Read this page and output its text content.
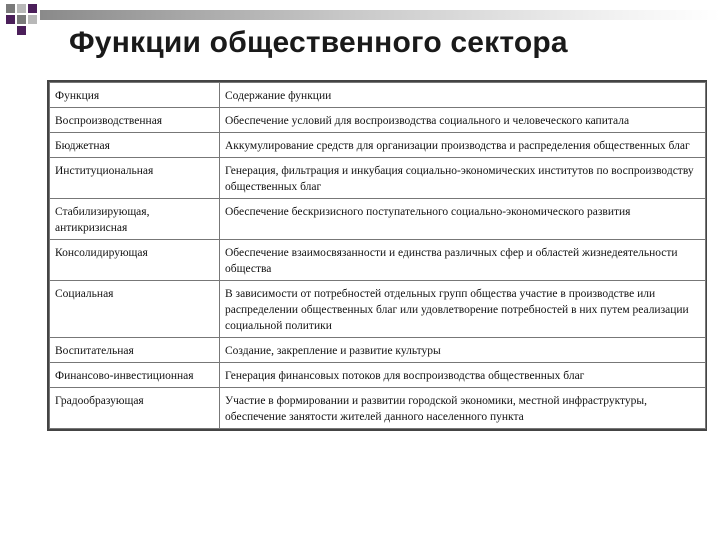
Функции общественного сектора
Функция	Содержание функции
Воспроизводственная	Обеспечение условий для воспроизводства социального и человеческого капитала
Бюджетная	Аккумулирование средств для организации производства и распределения общественных благ
Институциональная	Генерация, фильтрация и инкубация социально-экономических институтов по воспроизводству общественных благ
Стабилизирующая, антикризисная	Обеспечение бескризисного поступательного социально-экономического развития
Консолидирующая	Обеспечение взаимосвязанности и единства различных сфер и областей жизнедеятельности общества
Социальная	В зависимости от потребностей отдельных групп общества участие в производстве или распределении общественных благ или удовлетворение потребностей в них путем реализации социальной политики
Воспитательная	Создание, закрепление и развитие культуры
Финансово-инвестиционная	Генерация финансовых потоков для воспроизводства общественных благ
Градообразующая	Участие в формировании и развитии городской экономики, местной инфраструктуры, обеспечение занятости жителей данного населенного пункта
